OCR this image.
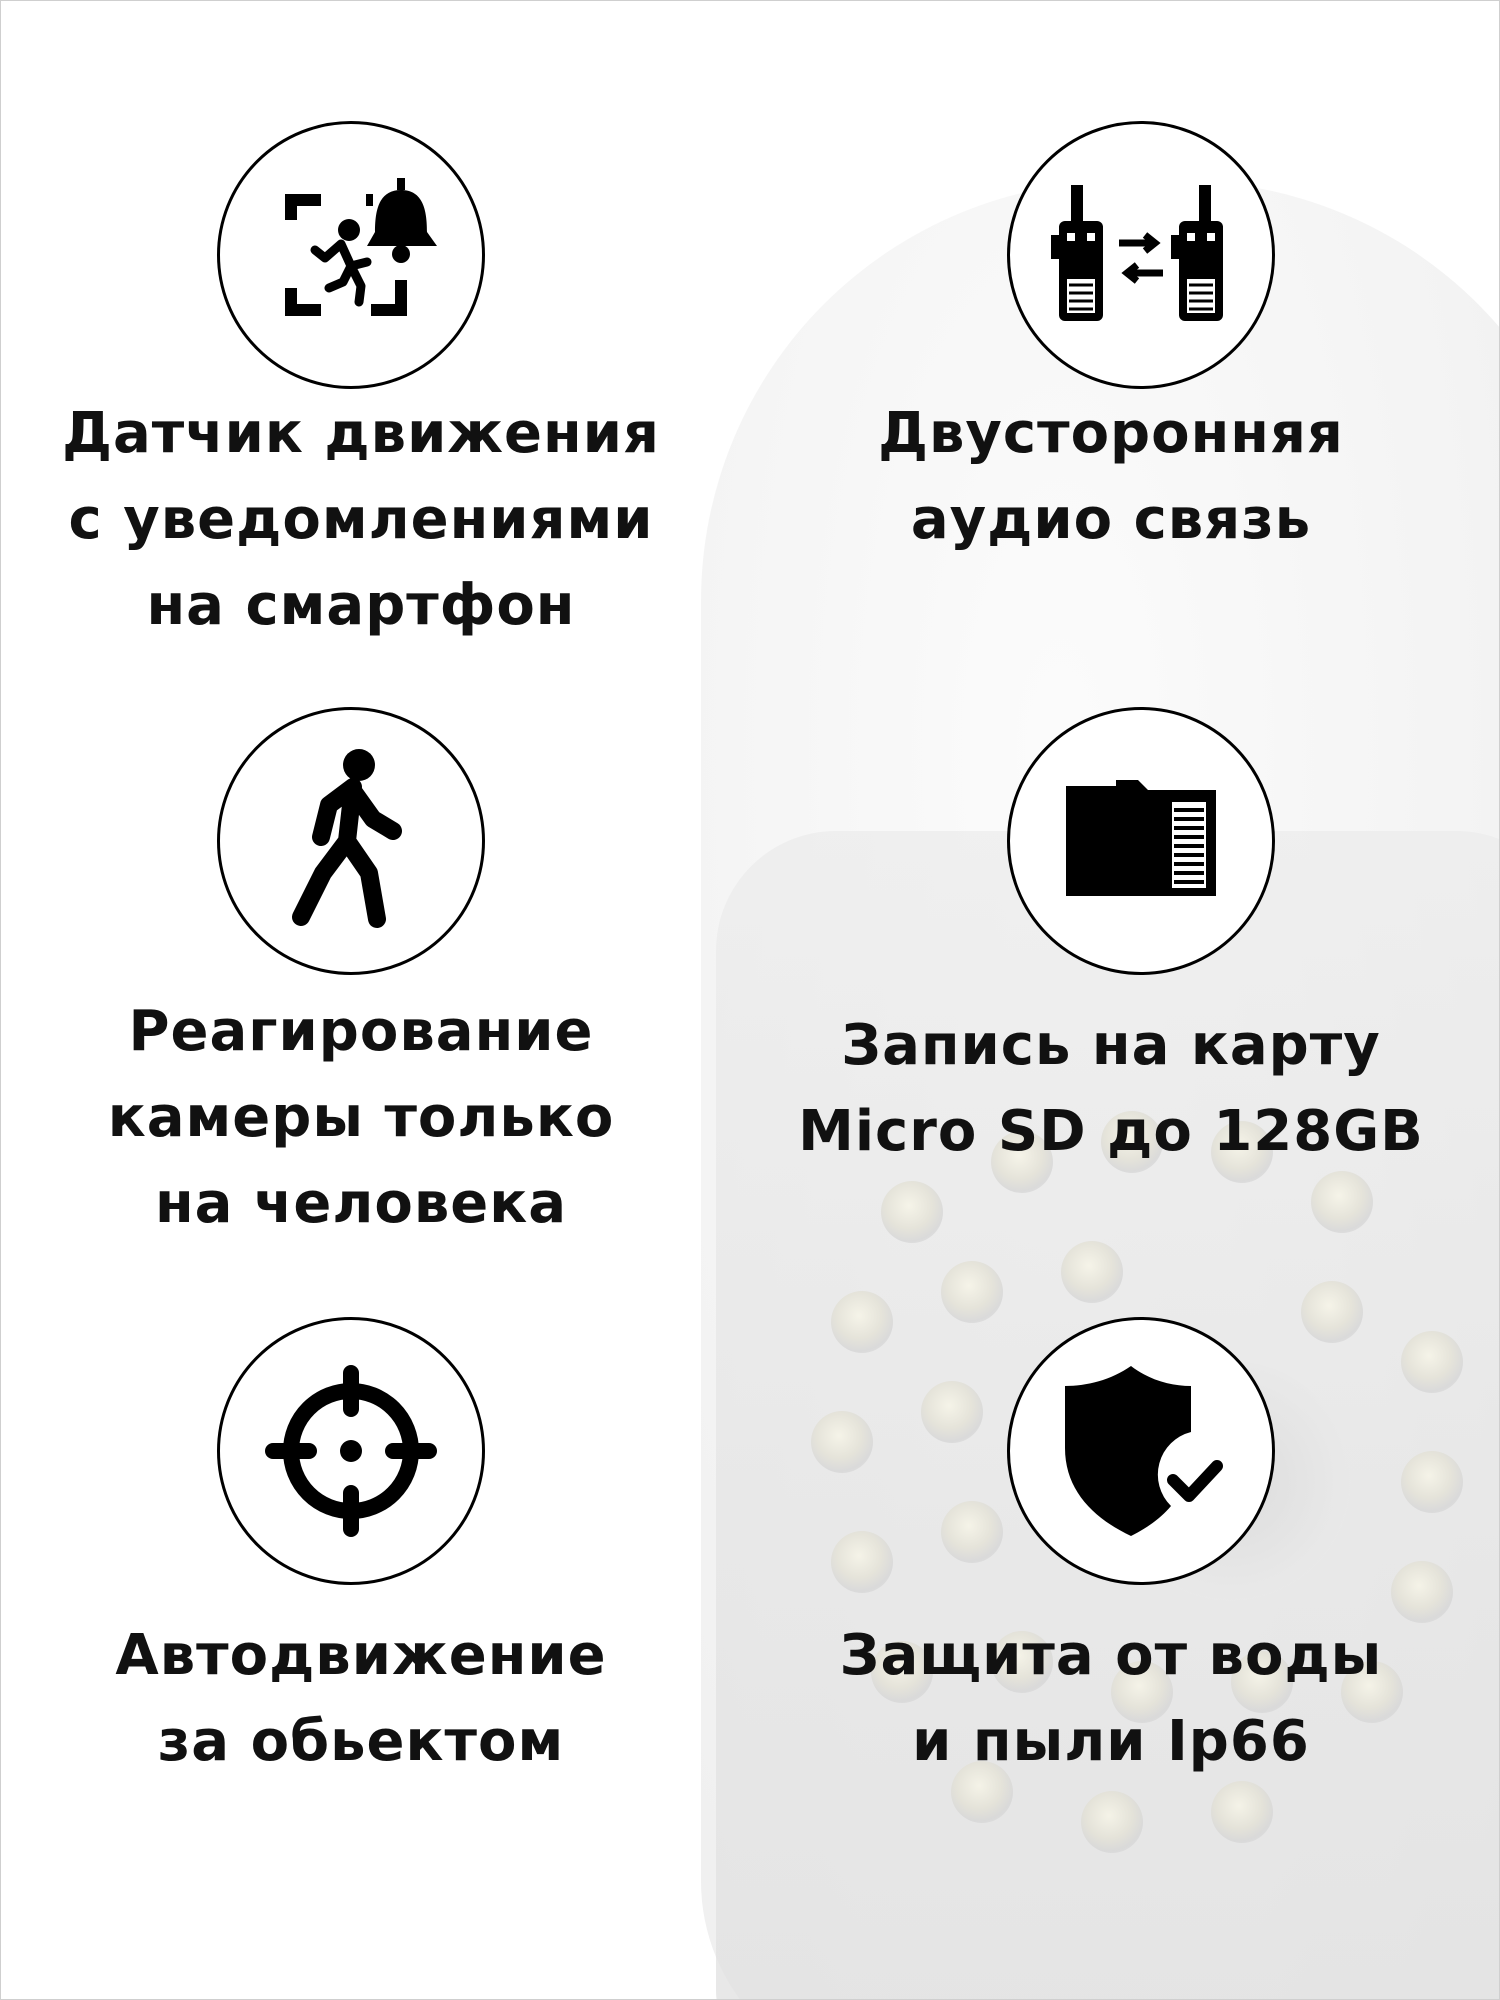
Датчик движения
с уведомлениями
на смартфон
Двусторонняя
аудио связь
Реагирование
камеры только
на человека
Запись на карту
Micro SD до 128GB
Автодвижение
за обьектом
Защита от воды
и пыли Ip66
